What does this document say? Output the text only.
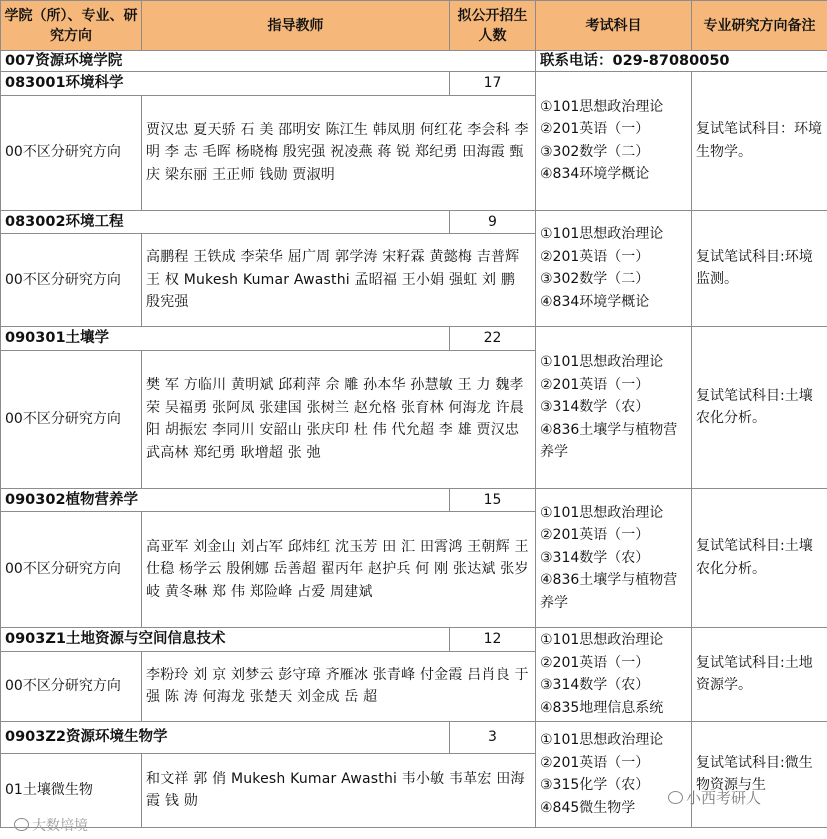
学院（所）、专业、研究方向	指导教师	拟公开招生人数	考试科目	专业研究方向备注
007资源环境学院			联系电话：029-87080050	
083001环境科学		17	①101思想政治理论
②201英语（一）
③302数学（二）
④834环境学概论	复试笔试科目：环境生物学。
00不区分研究方向	贾汉忠 夏天骄 石 美 邵明安 陈江生 韩凤朋 何红花 李会科 李 明 李 志 毛晖 杨晓梅 殷宪强 祝凌燕 蒋 锐 郑纪勇 田海霞 甄 庆 梁东丽 王正师 钱勋 贾淑明			
083002环境工程		9	①101思想政治理论
②201英语（一）
③302数学（二）
④834环境学概论	复试笔试科目:环境监测。
00不区分研究方向	高鹏程 王铁成 李荣华 屈广周 郭学涛 宋籽霖 黄懿梅 吉普辉 王 权 Mukesh Kumar Awasthi 孟昭福 王小娟 强虹 刘 鹏 殷宪强			
090301土壤学		22	①101思想政治理论
②201英语（一）
③314数学（农）
④836土壤学与植物营养学	复试笔试科目:土壤农化分析。
00不区分研究方向	樊 军 方临川 黄明斌 邱莉萍 佘 雕 孙本华 孙慧敏 王 力 魏孝荣 吴福勇 张阿凤 张建国 张树兰 赵允格 张育林 何海龙 许晨阳 胡振宏 李同川 安韶山 张庆印 杜 伟 代允超 李 雄 贾汉忠 武高林 郑纪勇 耿增超 张 弛			
090302植物营养学		15	①101思想政治理论
②201英语（一）
③314数学（农）
④836土壤学与植物营养学	复试笔试科目:土壤农化分析。
00不区分研究方向	高亚军 刘金山 刘占军 邱炜红 沈玉芳 田 汇 田霄鸿 王朝辉 王仕稳 杨学云 殷俐娜 岳善超 翟丙年 赵护兵 何 刚 张达斌 张岁岐 黄冬琳 郑 伟 郑险峰 占爱 周建斌			
0903Z1土地资源与空间信息技术		12	①101思想政治理论
②201英语（一）
③314数学（农）
④835地理信息系统	复试笔试科目:土地资源学。
00不区分研究方向	李粉玲 刘 京 刘梦云 彭守璋 齐雁冰 张青峰 付金霞 吕肖良 于 强 陈 涛 何海龙 张楚天 刘金成 岳 超			
0903Z2资源环境生物学		3	①101思想政治理论
②201英语（一）
③315化学（农）
④845微生物学	复试笔试科目:微生物资源与生
01土壤微生物	和文祥 郭 俏 Mukesh Kumar Awasthi 韦小敏 韦革宏 田海霞 钱 勋				小西考研人
大数培境
